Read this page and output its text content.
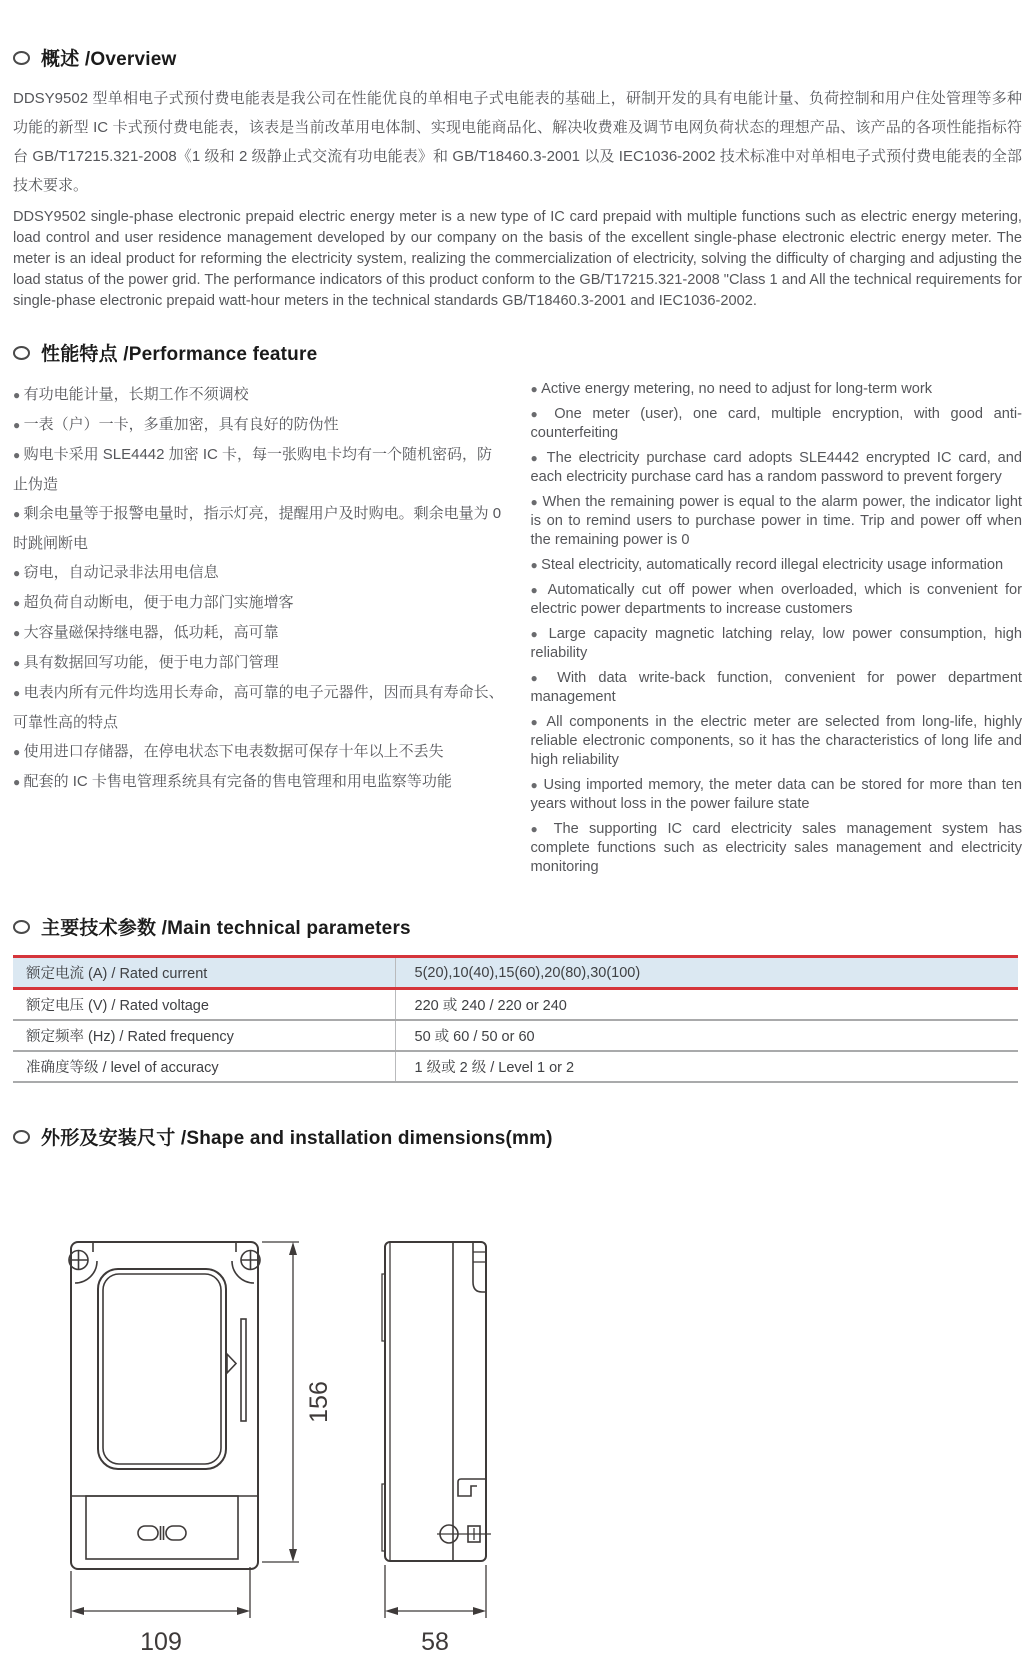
概述 /Overview

DDSY9502 型单相电子式预付费电能表是我公司在性能优良的单相电子式电能表的基础上，研制开发的具有电能计量、负荷控制和用户住处管理等多种功能的新型 IC 卡式预付费电能表，该表是当前改革用电体制、实现电能商品化、解决收费难及调节电网负荷状态的理想产品、该产品的各项性能指标符台 GB/T17215.321-2008《1 级和 2 级静止式交流有功电能表》和 GB/T18460.3-2001 以及 IEC1036-2002 技术标准中对单相电子式预付费电能表的全部技术要求。

DDSY9502 single-phase electronic prepaid electric energy meter is a new type of IC card prepaid with multiple functions such as electric energy metering, load control and user residence management developed by our company on the basis of the excellent single-phase electronic electric energy meter. The meter is an ideal product for reforming the electricity system, realizing the commercialization of electricity, solving the difficulty of charging and adjusting the load status of the power grid. The performance indicators of this product conform to the GB/T17215.321-2008 "Class 1 and All the technical requirements for single-phase electronic prepaid watt-hour meters in the technical standards GB/T18460.3-2001 and IEC1036-2002.

性能特点 /Performance feature
● 有功电能计量，长期工作不须调校
● 一表（户）一卡，多重加密，具有良好的防伪性
● 购电卡采用 SLE4442 加密 IC 卡，每一张购电卡均有一个随机密码，防止伪造
● 剩余电量等于报警电量时，指示灯亮，提醒用户及时购电。剩余电量为 0 时跳闸断电
● 窃电，自动记录非法用电信息
● 超负荷自动断电，便于电力部门实施增客
● 大容量磁保持继电器，低功耗，高可靠
● 具有数据回写功能，便于电力部门管理
● 电表内所有元件均选用长寿命，高可靠的电子元器件，因而具有寿命长、可靠性高的特点
● 使用进口存储器，在停电状态下电表数据可保存十年以上不丢失
● 配套的 IC 卡售电管理系统具有完备的售电管理和用电监察等功能
● Active energy metering, no need to adjust for long-term work
● One meter (user), one card, multiple encryption, with good anti-counterfeiting
● The electricity purchase card adopts SLE4442 encrypted IC card, and each electricity purchase card has a random password to prevent forgery
● When the remaining power is equal to the alarm power, the indicator light is on to remind users to purchase power in time. Trip and power off when the remaining power is 0
● Steal electricity, automatically record illegal electricity usage information
● Automatically cut off power when overloaded, which is convenient for electric power departments to increase customers
● Large capacity magnetic latching relay, low power consumption, high reliability
● With data write-back function, convenient for power department management
● All components in the electric meter are selected from long-life, highly reliable electronic components, so it has the characteristics of long life and high reliability
● Using imported memory, the meter data can be stored for more than ten years without loss in the power failure state
● The supporting IC card electricity sales management system has complete functions such as electricity sales management and electricity monitoring
主要技术参数 /Main technical parameters
额定电流 (A) / Rated current	5(20),10(40),15(60),20(80),30(100)
额定电压 (V) / Rated voltage	220 或 240 / 220 or 240
额定频率 (Hz) / Rated frequency	50 或 60 / 50 or 60
准确度等级 / level of accuracy	1 级或 2 级 / Level 1 or 2
外形及安装尺寸 /Shape and installation dimensions(mm)
156
109	58
